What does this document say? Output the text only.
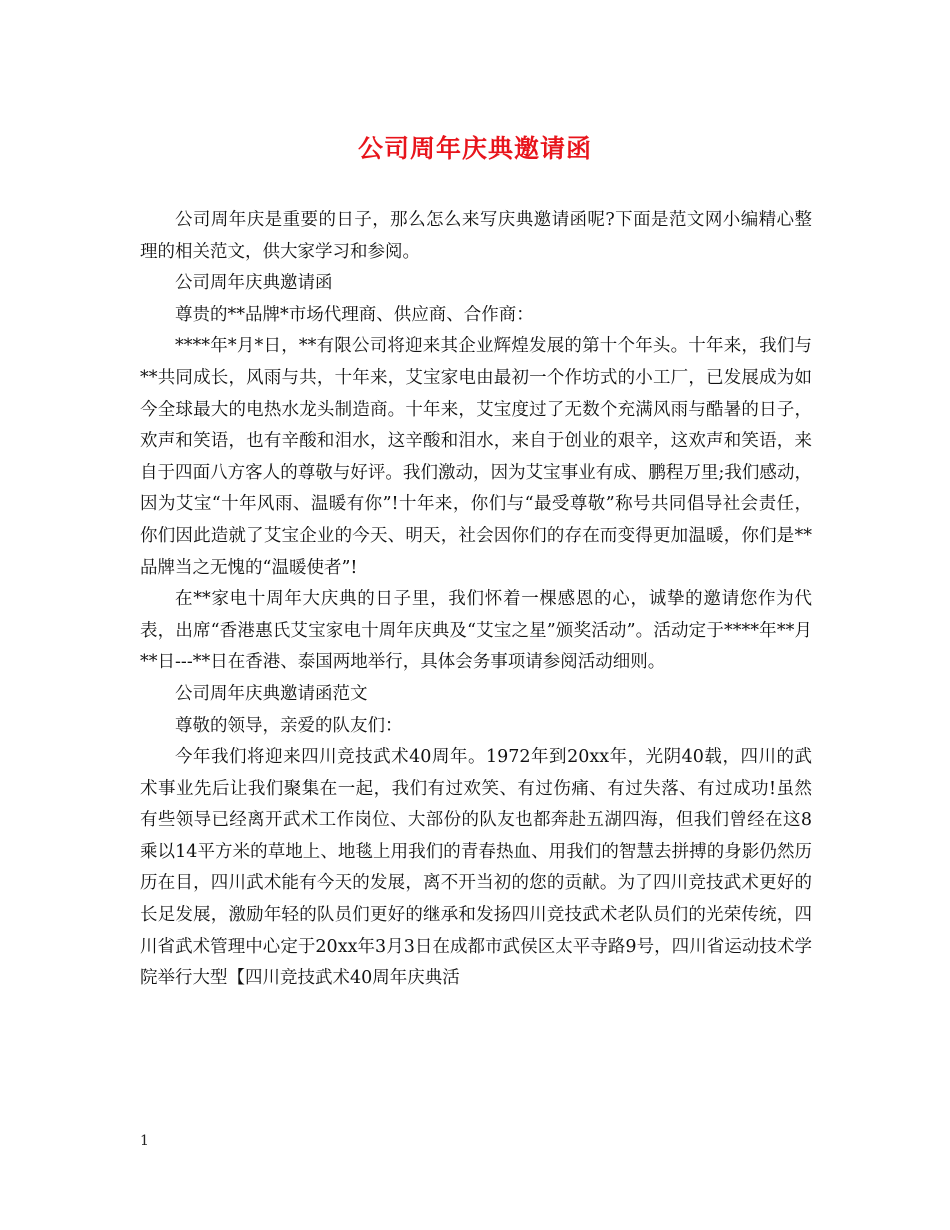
公司周年庆典邀请函

公司周年庆是重要的日子，那么怎么来写庆典邀请函呢?下面是范文网小编精心整理的相关范文，供大家学习和参阅。

公司周年庆典邀请函

尊贵的**品牌*市场代理商、供应商、合作商：

****年*月*日，**有限公司将迎来其企业辉煌发展的第十个年头。十年来，我们与**共同成长，风雨与共，十年来，艾宝家电由最初一个作坊式的小工厂，已发展成为如今全球最大的电热水龙头制造商。十年来，艾宝度过了无数个充满风雨与酷暑的日子，欢声和笑语，也有辛酸和泪水，这辛酸和泪水，来自于创业的艰辛，这欢声和笑语，来自于四面八方客人的尊敬与好评。我们激动，因为艾宝事业有成、鹏程万里;我们感动，因为艾宝“十年风雨、温暖有你”!十年来，你们与“最受尊敬”称号共同倡导社会责任，你们因此造就了艾宝企业的今天、明天，社会因你们的存在而变得更加温暖，你们是**品牌当之无愧的“温暖使者”!

在**家电十周年大庆典的日子里，我们怀着一棵感恩的心，诚挚的邀请您作为代表，出席“香港惠氏艾宝家电十周年庆典及“艾宝之星”颁奖活动”。活动定于****年**月**日---**日在香港、泰国两地举行，具体会务事项请参阅活动细则。

公司周年庆典邀请函范文

尊敬的领导，亲爱的队友们：

今年我们将迎来四川竞技武术40周年。1972年到20xx年，光阴40载，四川的武术事业先后让我们聚集在一起，我们有过欢笑、有过伤痛、有过失落、有过成功!虽然有些领导已经离开武术工作岗位、大部份的队友也都奔赴五湖四海，但我们曾经在这8乘以14平方米的草地上、地毯上用我们的青春热血、用我们的智慧去拼搏的身影仍然历历在目，四川武术能有今天的发展，离不开当初的您的贡献。为了四川竞技武术更好的长足发展，激励年轻的队员们更好的继承和发扬四川竞技武术老队员们的光荣传统，四川省武术管理中心定于20xx年3月3日在成都市武侯区太平寺路9号，四川省运动技术学院举行大型【四川竞技武术40周年庆典活

1
